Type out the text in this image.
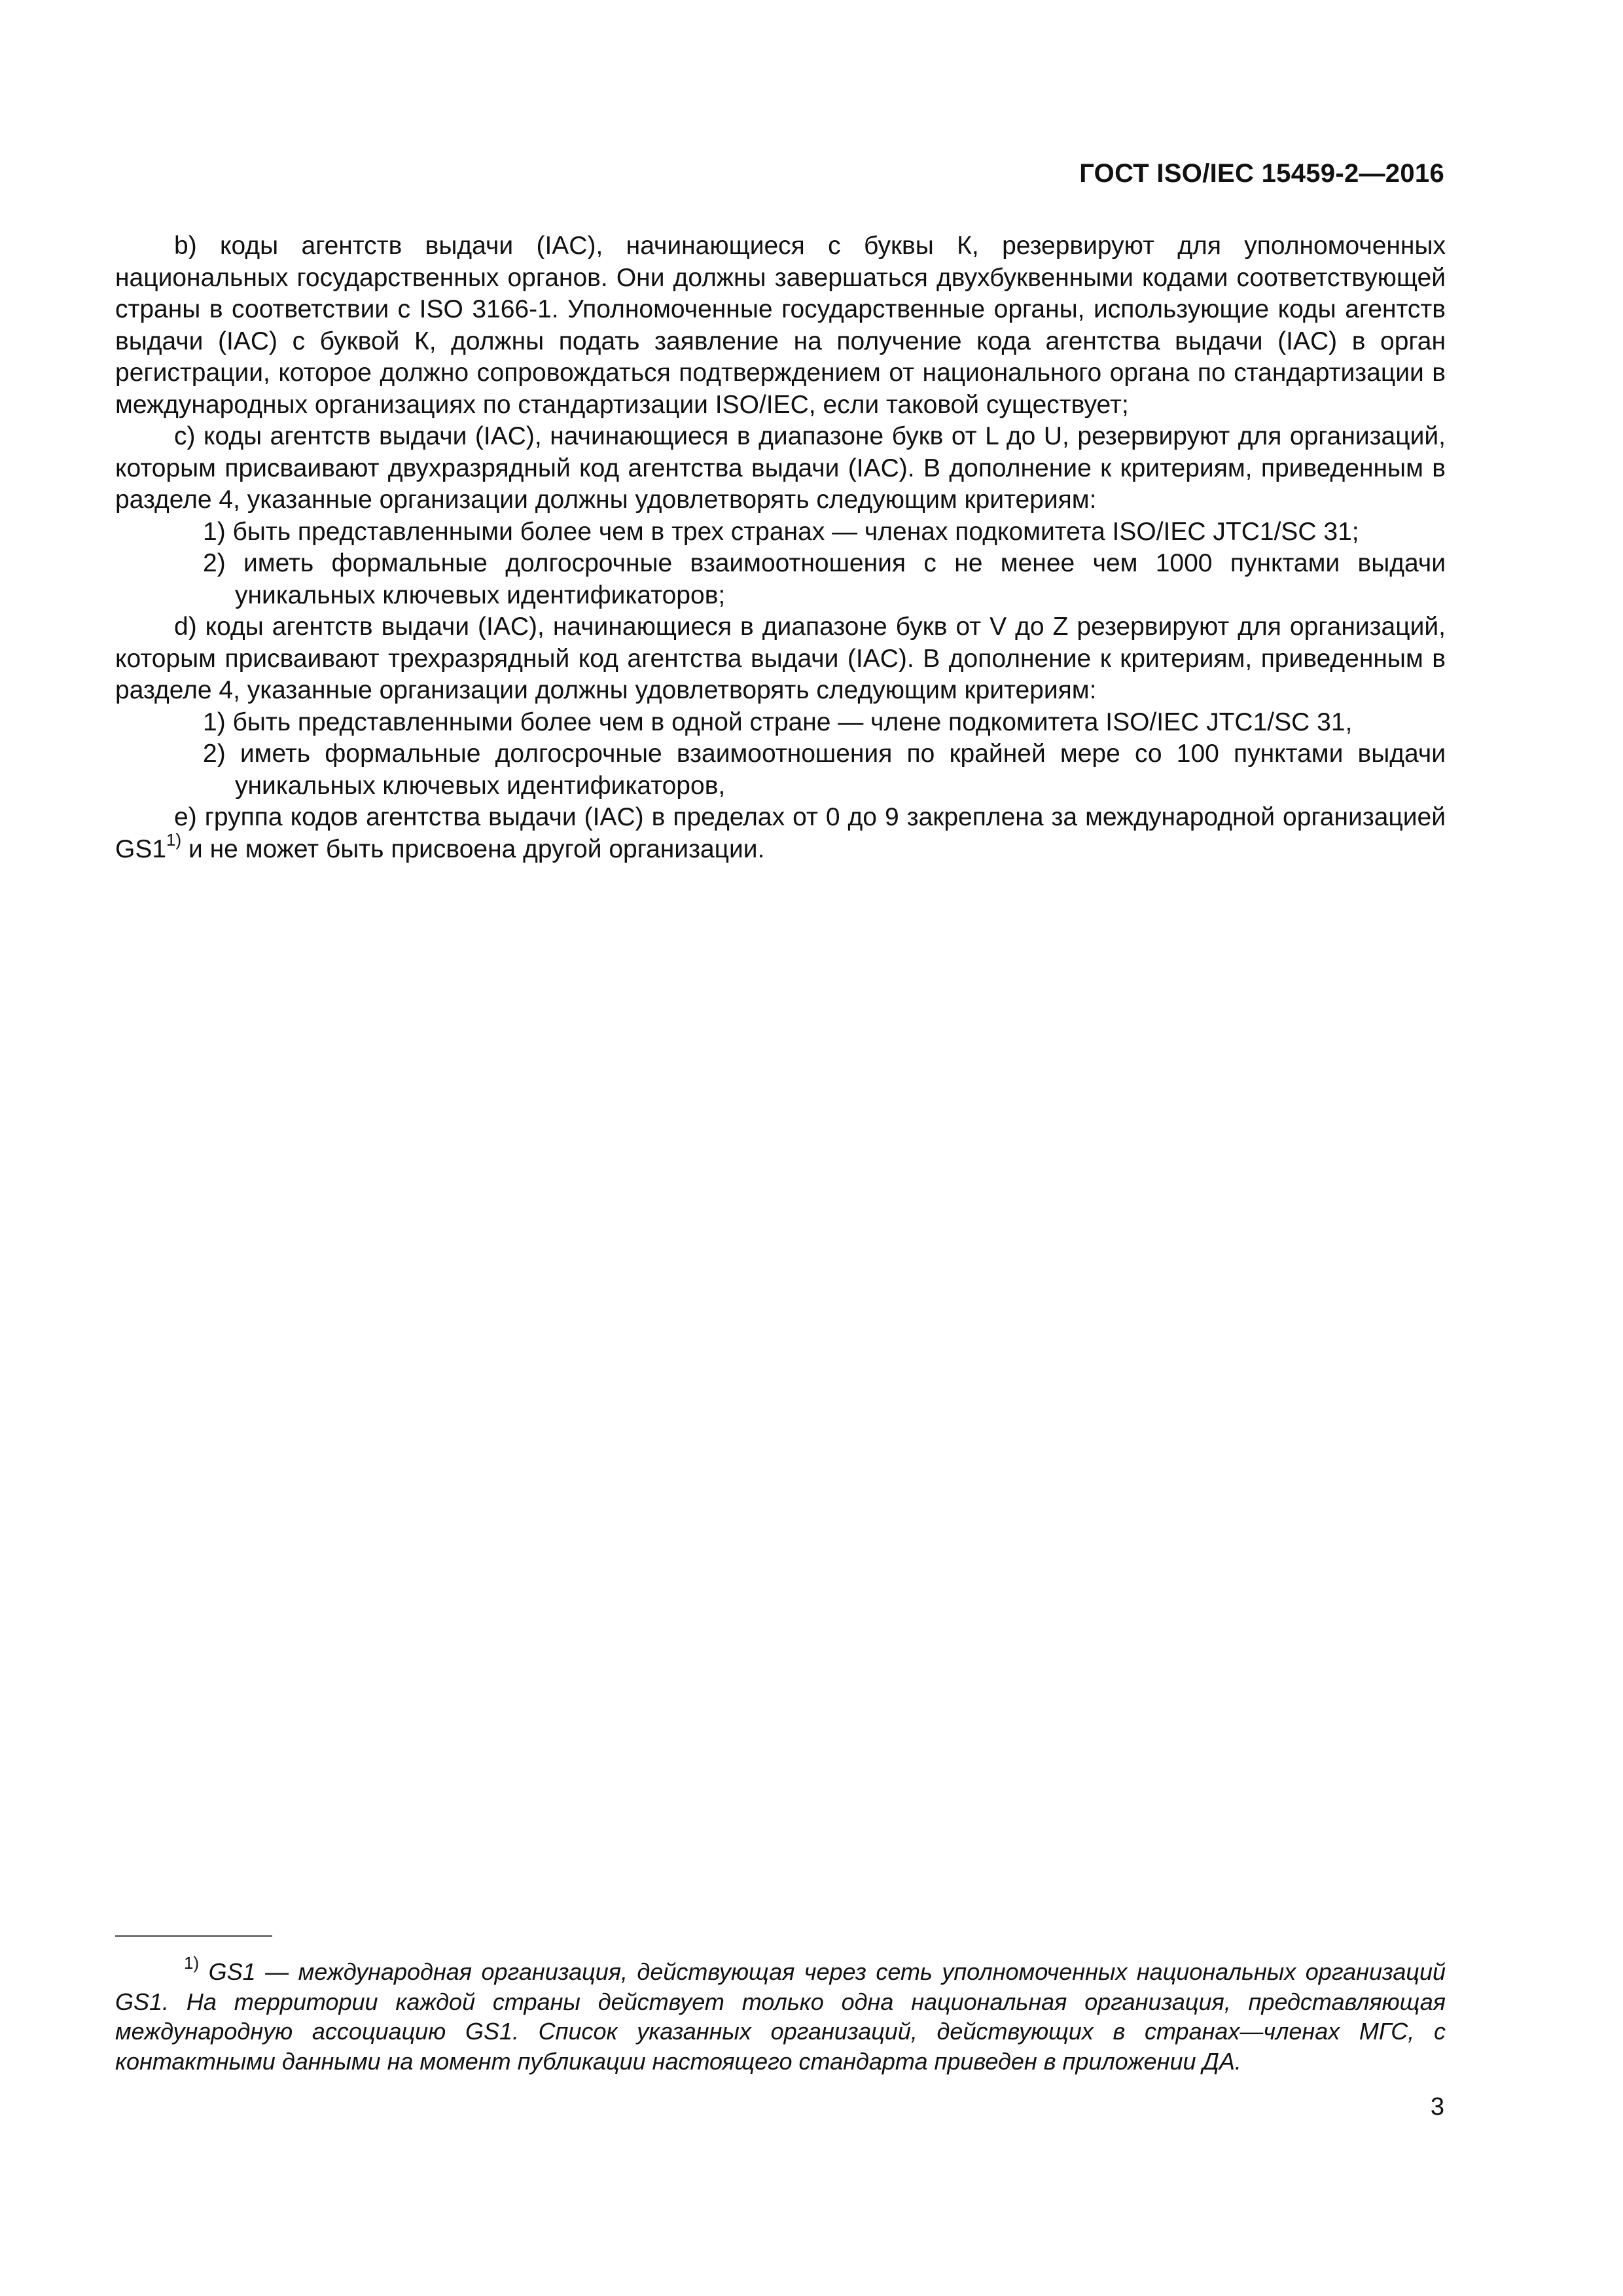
ГОСТ ISO/IEC 15459-2—2016

b) коды агентств выдачи (IAC), начинающиеся с буквы К, резервируют для уполномоченных национальных государственных органов. Они должны завершаться двухбуквенными кодами соответствующей страны в соответствии с ISO 3166-1. Уполномоченные государственные органы, использующие коды агентств выдачи (IAC) с буквой К, должны подать заявление на получение кода агентства выдачи (IAC) в орган регистрации, которое должно сопровождаться подтверждением от национального органа по стандартизации в международных организациях по стандартизации ISO/IEC, если таковой существует;

c) коды агентств выдачи (IAC), начинающиеся в диапазоне букв от L до U, резервируют для организаций, которым присваивают двухразрядный код агентства выдачи (IAC). В дополнение к критериям, приведенным в разделе 4, указанные организации должны удовлетворять следующим критериям:

1) быть представленными более чем в трех странах — членах подкомитета ISO/IEC JTC1/SC 31;

2) иметь формальные долгосрочные взаимоотношения с не менее чем 1000 пунктами выдачи уникальных ключевых идентификаторов;

d) коды агентств выдачи (IAC), начинающиеся в диапазоне букв от V до Z резервируют для организаций, которым присваивают трехразрядный код агентства выдачи (IAC). В дополнение к критериям, приведенным в разделе 4, указанные организации должны удовлетворять следующим критериям:

1) быть представленными более чем в одной стране — члене подкомитета ISO/IEC JTC1/SC 31,

2) иметь формальные долгосрочные взаимоотношения по крайней мере со 100 пунктами выдачи уникальных ключевых идентификаторов,

e) группа кодов агентства выдачи (IAC) в пределах от 0 до 9 закреплена за международной организацией GS1$^{1)}$ и не может быть присвоена другой организации.

$^{1)}$ GS1 — международная организация, действующая через сеть уполномоченных национальных организаций GS1. На территории каждой страны действует только одна национальная организация, представляющая международную ассоциацию GS1. Список указанных организаций, действующих в странах—членах МГС, с контактными данными на момент публикации настоящего стандарта приведен в приложении ДА.

3
